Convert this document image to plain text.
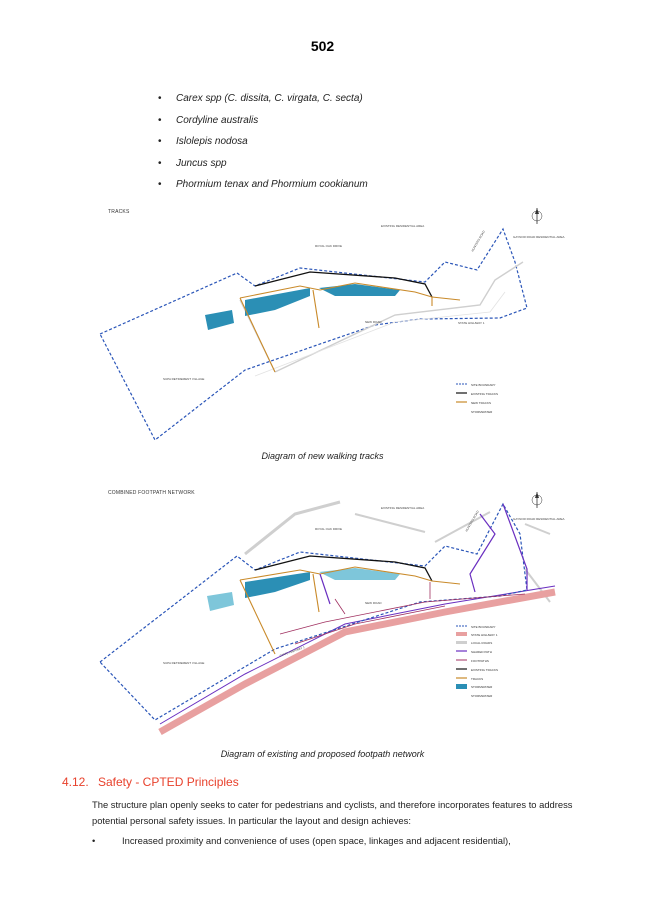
502
• Carex spp (C. dissita, C. virgata, C. secta)
• Cordyline australis
• Islolepis nodosa
• Juncus spp
• Phormium tenax and Phormium cookianum
TRACKS
EXISTING RESIDENTIAL AREA
ROYAL OAK DRIVE	HUNTERS ROAD	GAYNOR ROAD RESIDENTIAL AREA
NEW ROAD	STATE HIGHWAY 1
SUPA RETIREMENT VILLAGE
SITE BOUNDARY
EXISTING TRACKS
NEW TRACKS
STORMWATER
Diagram of new walking tracks
COMBINED FOOTPATH NETWORK
EXISTING RESIDENTIAL AREA
ROYAL OAK DRIVE	HUNTERS ROAD	GAYNOR ROAD RESIDENTIAL AREA
NEW ROAD
STATE HIGHWAY 1
SUPA RETIREMENT VILLAGE
SITE BOUNDARY
STATE HIGHWAY 1
LOCAL ROADS
SHARED PATH
FOOTPATHS
EXISTING TRACKS
TRACKS
STORMWATER
STORMWATER
Diagram of existing and proposed footpath network
4.12. Safety - CPTED Principles
The structure plan openly seeks to cater for pedestrians and cyclists, and therefore incorporates features to address potential personal safety issues. In particular the layout and design achieves:
•	Increased proximity and convenience of uses (open space, linkages and adjacent residential),
